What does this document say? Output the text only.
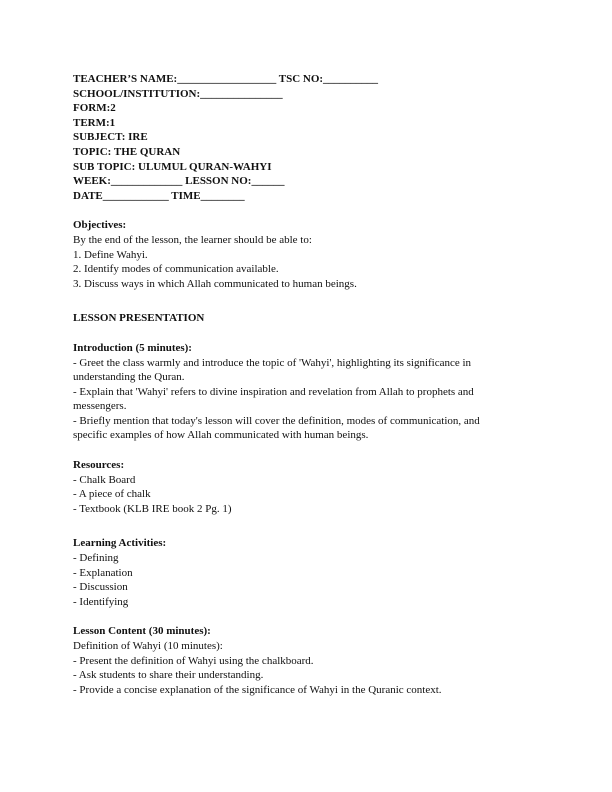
TEACHER’S NAME:__________________ TSC NO:__________
SCHOOL/INSTITUTION:_______________
FORM:2
TERM:1
SUBJECT: IRE
TOPIC: THE QURAN
SUB TOPIC: ULUMUL QURAN-WAHYI
WEEK:_____________ LESSON NO:______
DATE____________ TIME________
Objectives:
By the end of the lesson, the learner should be able to:
1. Define Wahyi.
2. Identify modes of communication available.
3. Discuss ways in which Allah communicated to human beings.
LESSON PRESENTATION
Introduction (5 minutes):
- Greet the class warmly and introduce the topic of 'Wahyi', highlighting its significance in
understanding the Quran.
- Explain that 'Wahyi' refers to divine inspiration and revelation from Allah to prophets and
messengers.
- Briefly mention that today's lesson will cover the definition, modes of communication, and
specific examples of how Allah communicated with human beings.
Resources:
- Chalk Board
- A piece of chalk
- Textbook (KLB IRE book 2 Pg. 1)
Learning Activities:
- Defining
- Explanation
- Discussion
- Identifying
Lesson Content (30 minutes):
Definition of Wahyi (10 minutes):
- Present the definition of Wahyi using the chalkboard.
- Ask students to share their understanding.
- Provide a concise explanation of the significance of Wahyi in the Quranic context.
